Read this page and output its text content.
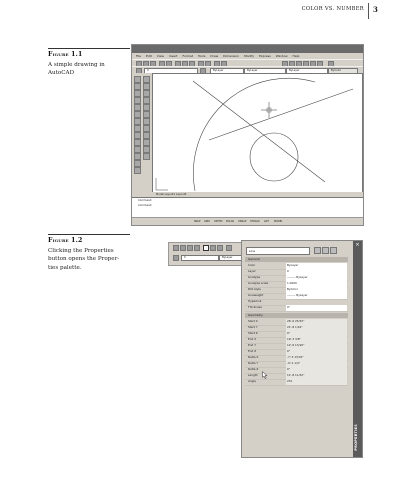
COLOR VS. NUMBER 3
Figure 1.1
A simple drawing in
AutoCAD
File Edit View Insert Format Tools Draw Dimension Modify Express Window Help
0	ByLayer	ByLayer	ByLayer	ByColor
Model Layout1 Layout2
Command:
Command:
SNAP GRID ORTHO POLAR OSNAP OTRACK LWT MODEL
Figure 1.2
Clicking the Properties
button opens the Proper-
ties palette.
0	ByLayer
Line
General
Color	ByLayer
Layer	0
Linetype	——— ByLayer
Linetype scale	1.0000
Plot style	ByColor
Lineweight	——— ByLayer
Hyperlink
Thickness	0"
Geometry
Start X	26'-6 25/32"
Start Y	21'-8 1/16"
Start Z	0"
End X	19'-3 3/8"
End Y	12'-6 13/16"
End Z	0"
Delta X	-7'-3 13/32"
Delta Y	-9'-1 1/4"
Delta Z	0"
Length	11'-8 11/32"
Angle	231
×
PROPERTIES
